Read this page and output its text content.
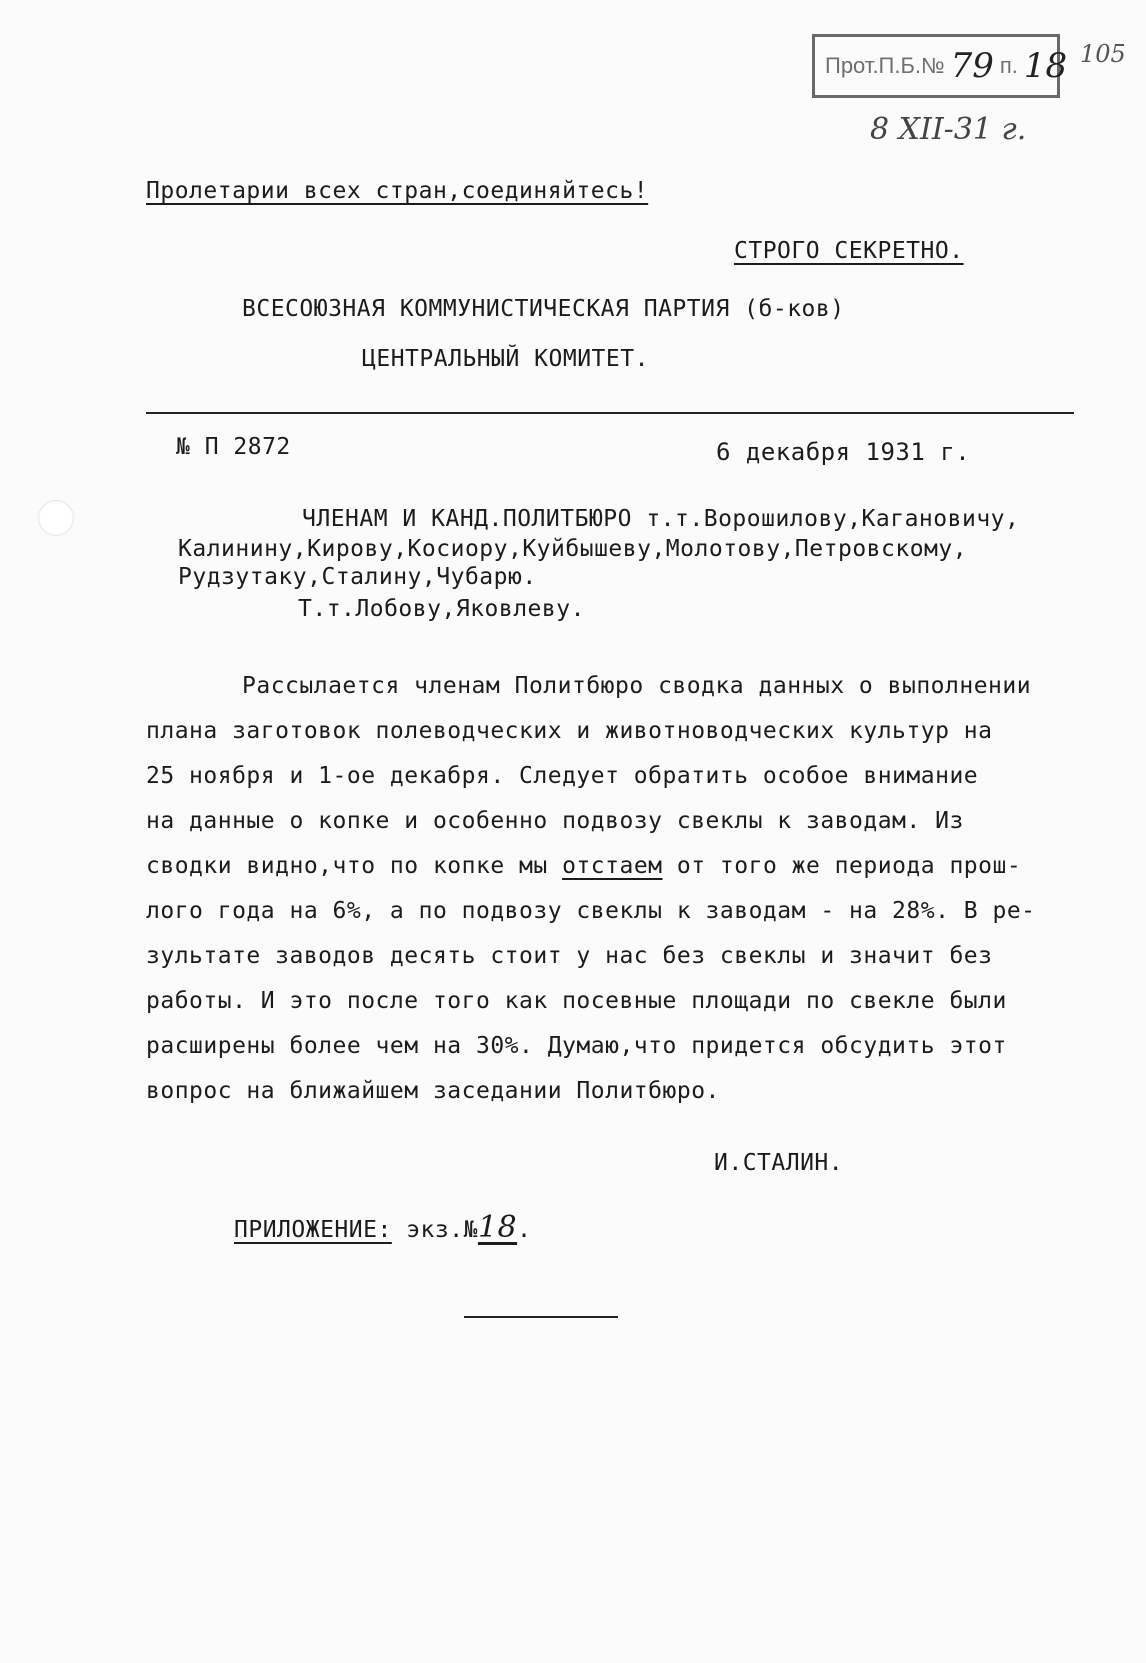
Прот.П.Б.№ 79 п. 18 105
8 XII-31 г.
Пролетарии всех стран,соединяйтесь!
СТРОГО СЕКРЕТНО.
ВСЕСОЮЗНАЯ КОММУНИСТИЧЕСКАЯ ПАРТИЯ (б-ков)
ЦЕНТРАЛЬНЫЙ КОМИТЕТ.
№ П 2872	6 декабря 1931 г.
ЧЛЕНАМ И КАНД.ПОЛИТБЮРО т.т.Ворошилову,Кагановичу,
Калинину,Кирову,Косиору,Куйбышеву,Молотову,Петровскому,
Рудзутаку,Сталину,Чубарю.
Т.т.Лобову,Яковлеву.

Рассылается членам Политбюро сводка данных о выполнении

плана заготовок полеводческих и животноводческих культур на

25 ноября и 1-ое декабря. Следует обратить особое внимание

на данные о копке и особенно подвозу свеклы к заводам. Из

сводки видно,что по копке мы отстаем от того же периода прош-

лого года на 6%, а по подвозу свеклы к заводам - на 28%. В ре-

зультате заводов десять стоит у нас без свеклы и значит без

работы. И это после того как посевные площади по свекле были

расширены более чем на 30%. Думаю,что придется обсудить этот

вопрос на ближайшем заседании Политбюро.

И.СТАЛИН.
ПРИЛОЖЕНИЕ: экз.№18.
